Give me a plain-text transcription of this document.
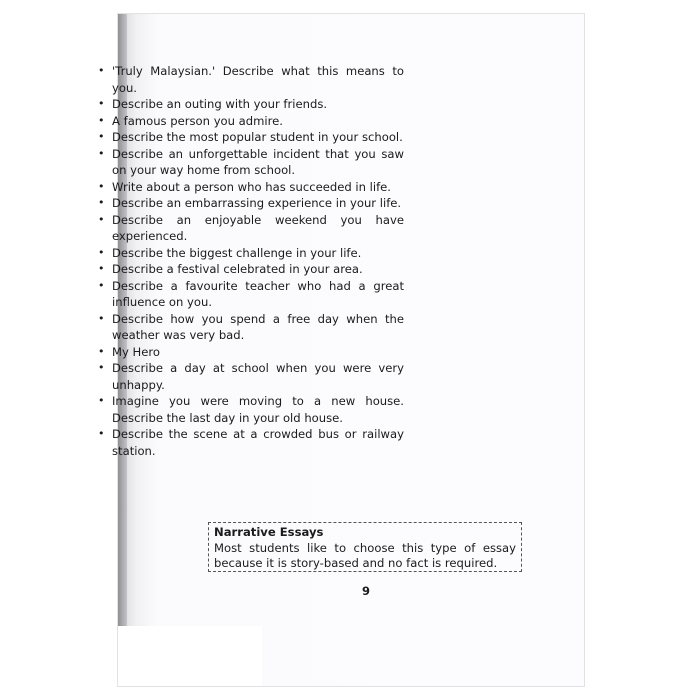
• 'Truly Malaysian.' Describe what this means to you.
• Describe an outing with your friends.
• A famous person you admire.
• Describe the most popular student in your school.
• Describe an unforgettable incident that you saw on your way home from school.
• Write about a person who has succeeded in life.
• Describe an embarrassing experience in your life.
• Describe an enjoyable weekend you have experienced.
• Describe the biggest challenge in your life.
• Describe a festival celebrated in your area.
• Describe a favourite teacher who had a great influence on you.
• Describe how you spend a free day when the weather was very bad.
• My Hero
• Describe a day at school when you were very unhappy.
• Imagine you were moving to a new house. Describe the last day in your old house.
• Describe the scene at a crowded bus or railway station.
Narrative Essays
Most students like to choose this type of essay because it is story-based and no fact is required.
9
